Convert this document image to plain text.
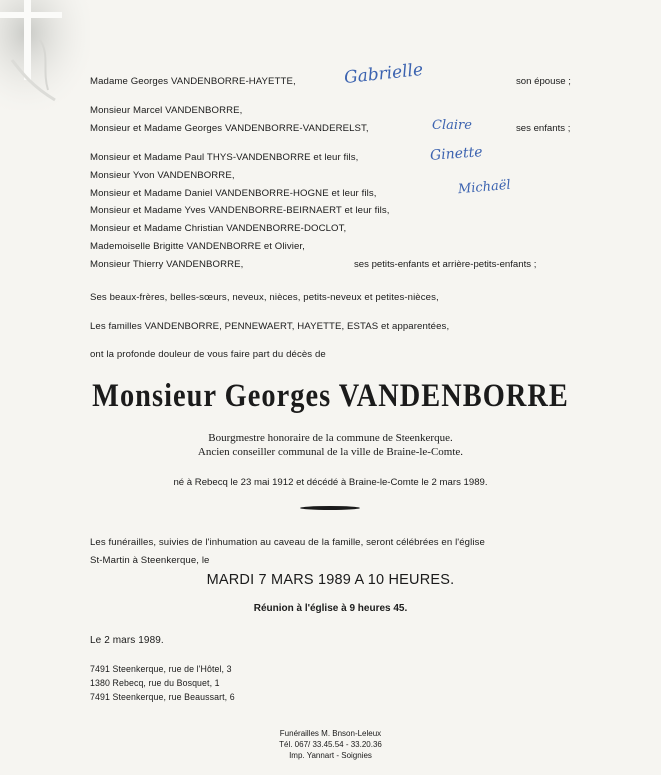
Madame Georges VANDENBORRE-HAYETTE,	Gabrielle	son épouse ;
Monsieur Marcel VANDENBORRE,
Monsieur et Madame Georges VANDENBORRE-VANDERELST,	Claire	ses enfants ;
Monsieur et Madame Paul THYS-VANDENBORRE et leur fils,	Ginette
Monsieur Yvon VANDENBORRE,
Monsieur et Madame Daniel VANDENBORRE-HOGNE et leur fils,	Michaël
Monsieur et Madame Yves VANDENBORRE-BEIRNAERT et leur fils,
Monsieur et Madame Christian VANDENBORRE-DOCLOT,
Mademoiselle Brigitte VANDENBORRE et Olivier,
Monsieur Thierry VANDENBORRE,	ses petits-enfants et arrière-petits-enfants ;
Ses beaux-frères, belles-sœurs, neveux, nièces, petits-neveux et petites-nièces,
Les familles VANDENBORRE, PENNEWAERT, HAYETTE, ESTAS et apparentées,
ont la profonde douleur de vous faire part du décès de
Monsieur Georges VANDENBORRE
Bourgmestre honoraire de la commune de Steenkerque.
Ancien conseiller communal de la ville de Braine-le-Comte.
né à Rebecq le 23 mai 1912 et décédé à Braine-le-Comte le 2 mars 1989.
Les funérailles, suivies de l'inhumation au caveau de la famille, seront célébrées en l'église
St-Martin à Steenkerque, le
MARDI 7 MARS 1989 A 10 HEURES.
Réunion à l'église à 9 heures 45.
Le 2 mars 1989.
7491 Steenkerque, rue de l'Hôtel, 3
1380 Rebecq, rue du Bosquet, 1
7491 Steenkerque, rue Beaussart, 6
Funérailles M. Bnson-Leleux
Tél. 067/ 33.45.54 - 33.20.36
Imp. Yannart - Soignies
